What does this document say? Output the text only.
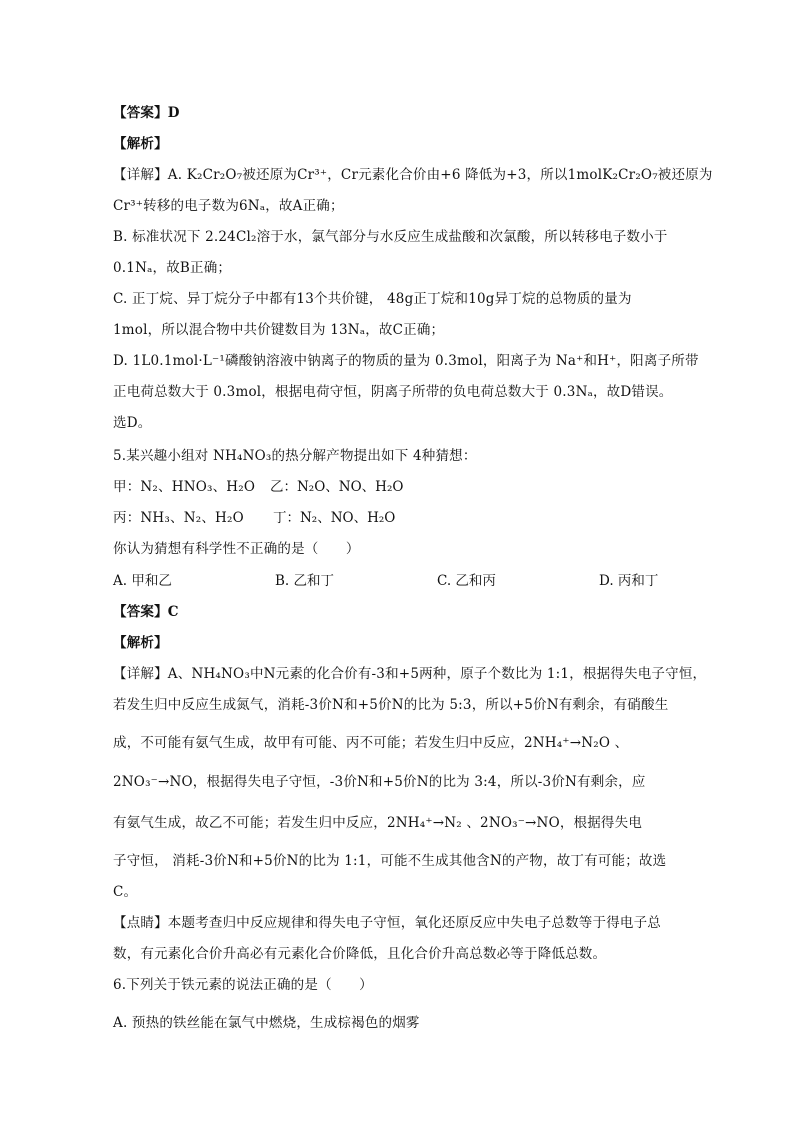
【答案】D
【解析】
【详解】A. K₂Cr₂O₇被还原为Cr³⁺，Cr元素化合价由+6 降低为+3，所以1molK₂Cr₂O₇被还原为
Cr³⁺转移的电子数为6Nₐ，故A正确；
B. 标准状况下 2.24Cl₂溶于水，氯气部分与水反应生成盐酸和次氯酸，所以转移电子数小于
0.1Nₐ，故B正确；
C. 正丁烷、异丁烷分子中都有13个共价键， 48g正丁烷和10g异丁烷的总物质的量为
1mol，所以混合物中共价键数目为 13Nₐ，故C正确；
D. 1L0.1mol·L⁻¹磷酸钠溶液中钠离子的物质的量为 0.3mol，阳离子为 Na⁺和H⁺，阳离子所带
正电荷总数大于 0.3mol，根据电荷守恒，阴离子所带的负电荷总数大于 0.3Nₐ，故D错误。
选D。
5.某兴趣小组对 NH₄NO₃的热分解产物提出如下 4种猜想：
甲：N₂、HNO₃、H₂O 乙：N₂O、NO、H₂O
丙：NH₃、N₂、H₂O 丁：N₂、NO、H₂O
你认为猜想有科学性不正确的是（　　）
A. 甲和乙	B. 乙和丁	C. 乙和丙	D. 丙和丁
【答案】C
【解析】
【详解】A、NH₄NO₃中N元素的化合价有-3和+5两种，原子个数比为 1:1，根据得失电子守恒，
若发生归中反应生成氮气，消耗-3价N和+5价N的比为 5:3，所以+5价N有剩余，有硝酸生
成，不可能有氨气生成，故甲有可能、丙不可能；若发生归中反应，2NH₄⁺→N₂O 、
2NO₃⁻→NO，根据得失电子守恒，-3价N和+5价N的比为 3:4，所以-3价N有剩余，应
有氨气生成，故乙不可能；若发生归中反应，2NH₄⁺→N₂ 、2NO₃⁻→NO，根据得失电
子守恒， 消耗-3价N和+5价N的比为 1:1，可能不生成其他含N的产物，故丁有可能；故选
C。
【点睛】本题考查归中反应规律和得失电子守恒，氧化还原反应中失电子总数等于得电子总
数，有元素化合价升高必有元素化合价降低，且化合价升高总数必等于降低总数。
6.下列关于铁元素的说法正确的是（　　）
A. 预热的铁丝能在氯气中燃烧，生成棕褐色的烟雾
